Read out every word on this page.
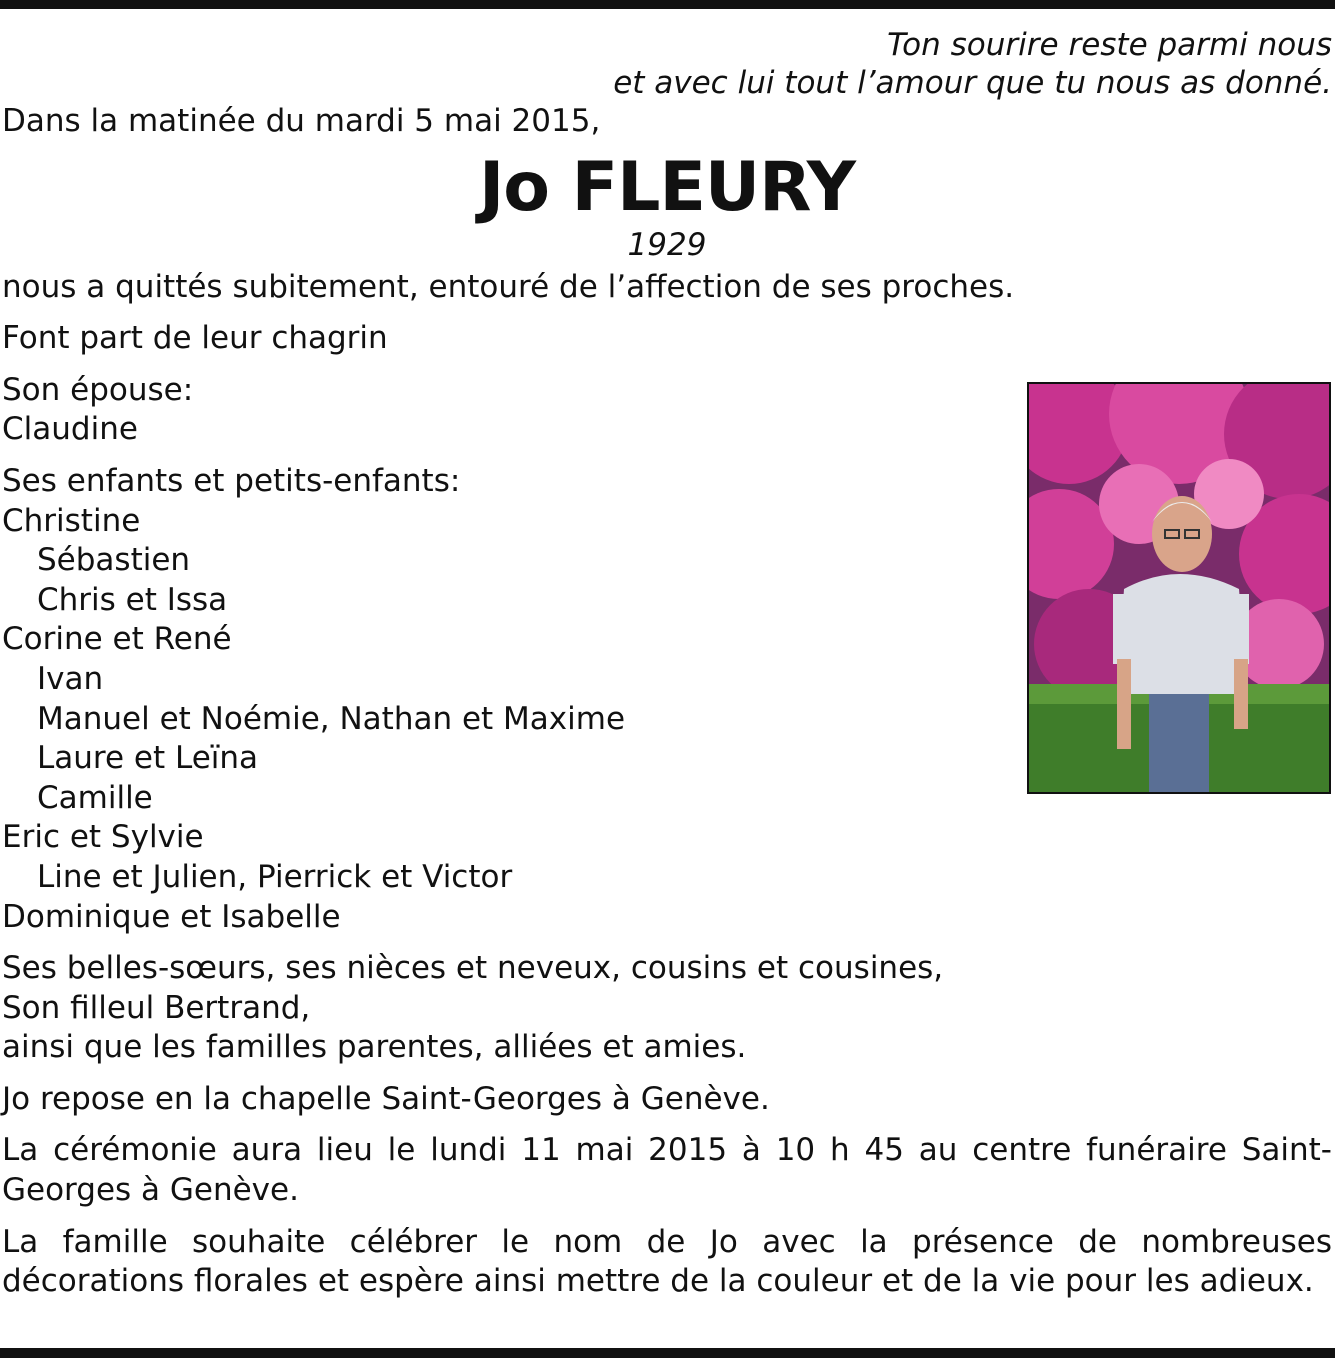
Ton sourire reste parmi nous
et avec lui tout l’amour que tu nous as donné.
Dans la matinée du mardi 5 mai 2015,
Jo FLEURY
1929
nous a quittés subitement, entouré de l’affection de ses proches.
Font part de leur chagrin
Son épouse:
Claudine
Ses enfants et petits-enfants:
Christine
Sébastien
Chris et Issa
Corine et René
Ivan
Manuel et Noémie, Nathan et Maxime
Laure et Leïna
Camille
Eric et Sylvie
Line et Julien, Pierrick et Victor
Dominique et Isabelle
Ses belles-sœurs, ses nièces et neveux, cousins et cousines,
Son filleul Bertrand,
ainsi que les familles parentes, alliées et amies.
Jo repose en la chapelle Saint-Georges à Genève.
La cérémonie aura lieu le lundi 11 mai 2015 à 10 h 45 au centre funéraire Saint-Georges à Genève.
La famille souhaite célébrer le nom de Jo avec la présence de nombreuses décorations florales et espère ainsi mettre de la couleur et de la vie pour les adieux.
